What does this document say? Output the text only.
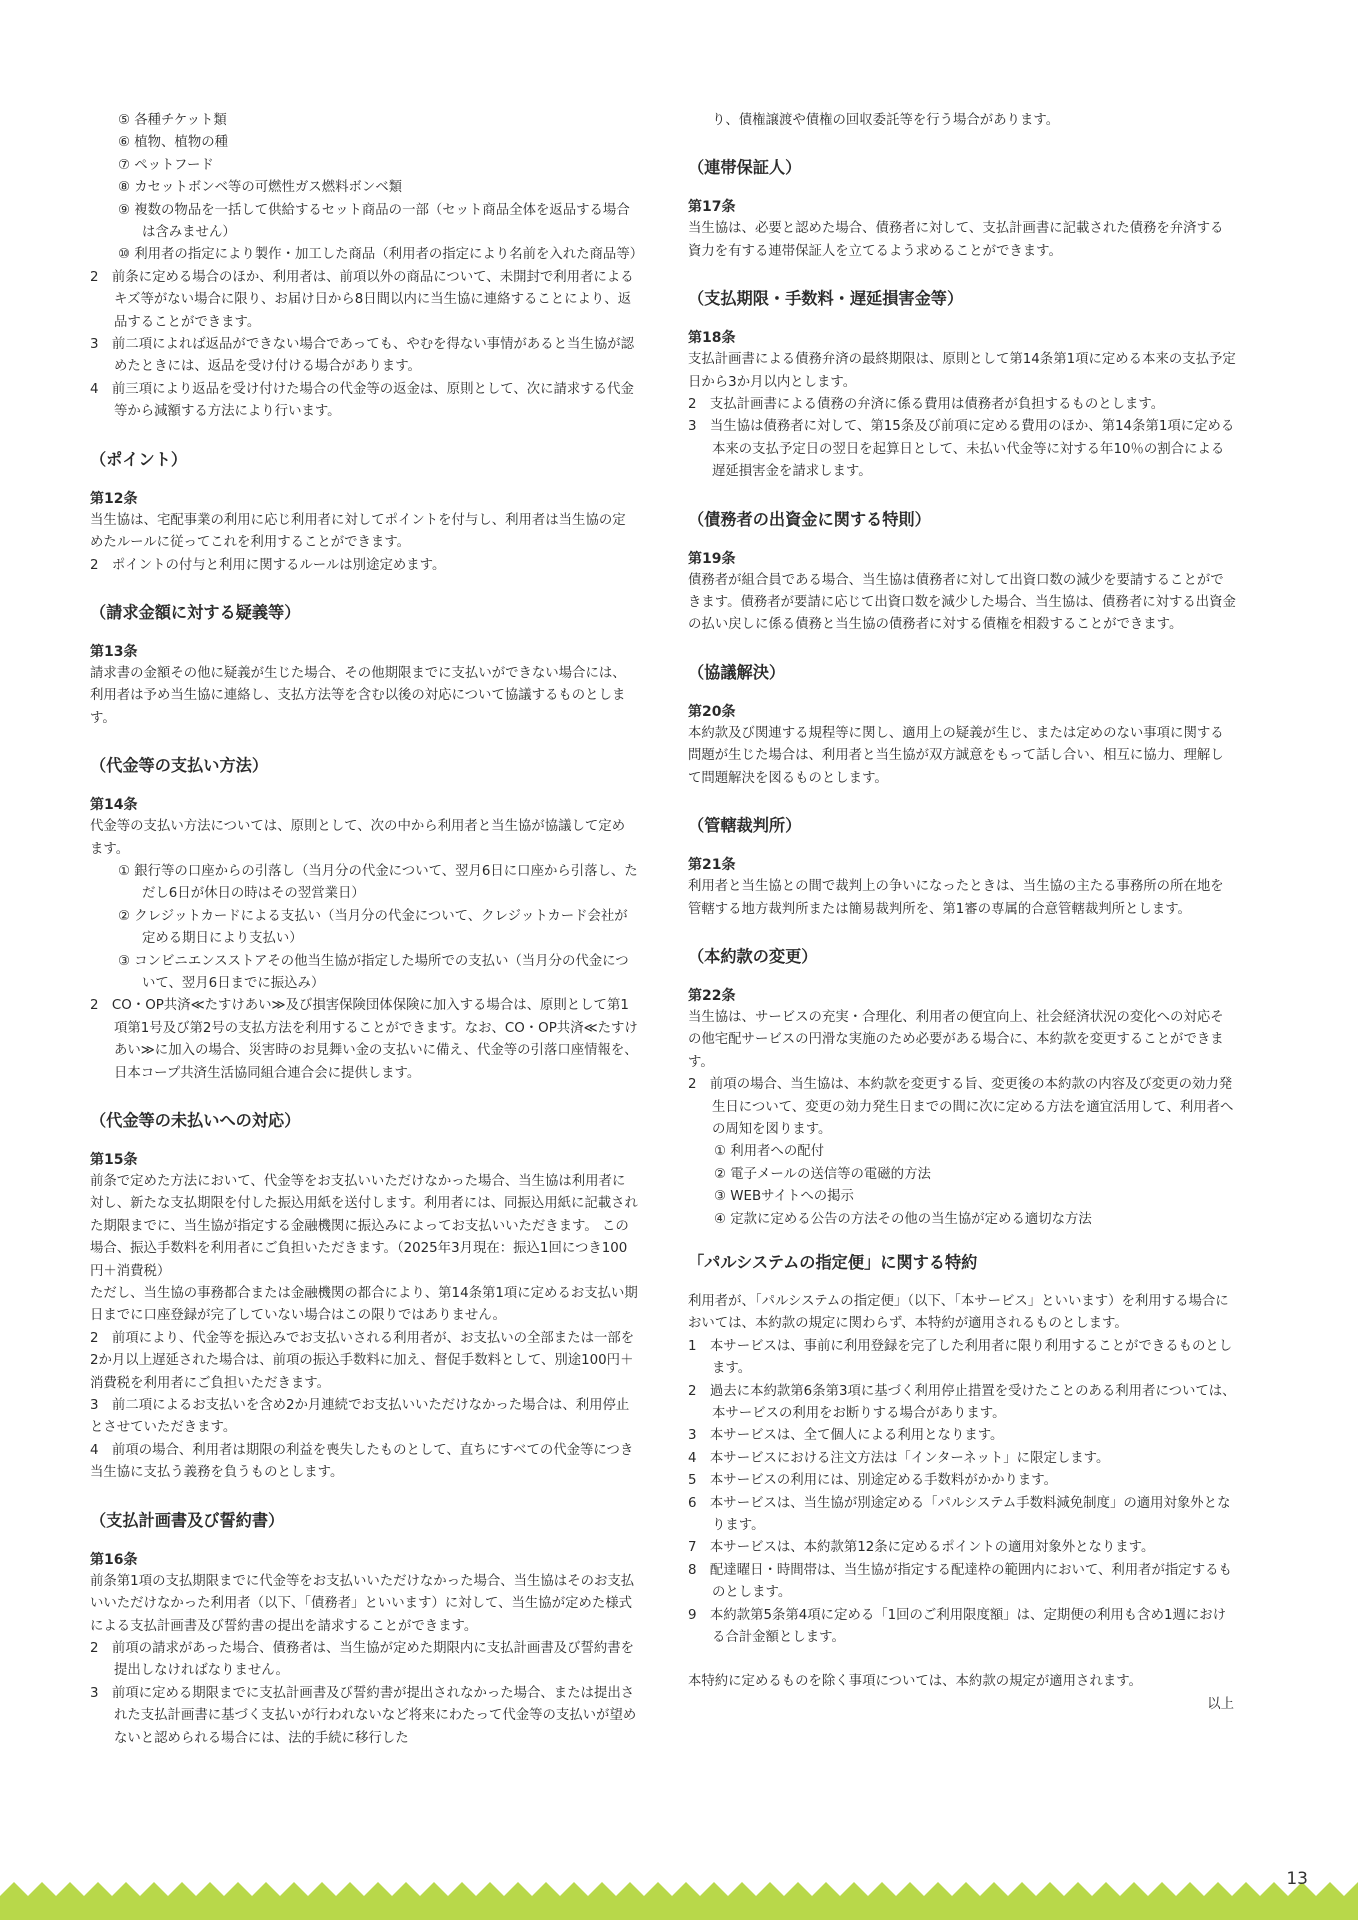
⑤ 各種チケット類
⑥ 植物、植物の種
⑦ ペットフード
⑧ カセットボンベ等の可燃性ガス燃料ボンベ類
⑨ 複数の物品を一括して供給するセット商品の一部（セット商品全体を返品する場合は含みません）
⑩ 利用者の指定により製作・加工した商品（利用者の指定により名前を入れた商品等）
2　前条に定める場合のほか、利用者は、前項以外の商品について、未開封で利用者によるキズ等がない場合に限り、お届け日から8日間以内に当生協に連絡することにより、返品することができます。
3　前二項によれば返品ができない場合であっても、やむを得ない事情があると当生協が認めたときには、返品を受け付ける場合があります。
4　前三項により返品を受け付けた場合の代金等の返金は、原則として、次に請求する代金等から減額する方法により行います。
（ポイント）
第12条
当生協は、宅配事業の利用に応じ利用者に対してポイントを付与し、利用者は当生協の定めたルールに従ってこれを利用することができます。
2　ポイントの付与と利用に関するルールは別途定めます。
（請求金額に対する疑義等）
第13条
請求書の金額その他に疑義が生じた場合、その他期限までに支払いができない場合には、利用者は予め当生協に連絡し、支払方法等を含む以後の対応について協議するものとします。
（代金等の支払い方法）
第14条
代金等の支払い方法については、原則として、次の中から利用者と当生協が協議して定めます。
① 銀行等の口座からの引落し（当月分の代金について、翌月6日に口座から引落し、ただし6日が休日の時はその翌営業日）
② クレジットカードによる支払い（当月分の代金について、クレジットカード会社が定める期日により支払い）
③ コンビニエンスストアその他当生協が指定した場所での支払い（当月分の代金について、翌月6日までに振込み）
2　CO・OP共済≪たすけあい≫及び損害保険団体保険に加入する場合は、原則として第1項第1号及び第2号の支払方法を利用することができます。なお、CO・OP共済≪たすけあい≫に加入の場合、災害時のお見舞い金の支払いに備え、代金等の引落口座情報を、日本コープ共済生活協同組合連合会に提供します。
（代金等の未払いへの対応）
第15条
前条で定めた方法において、代金等をお支払いいただけなかった場合、当生協は利用者に対し、新たな支払期限を付した振込用紙を送付します。利用者には、同振込用紙に記載された期限までに、当生協が指定する金融機関に振込みによってお支払いいただきます。 この場合、振込手数料を利用者にご負担いただきます。（2025年3月現在：振込1回につき100円＋消費税）
ただし、当生協の事務都合または金融機関の都合により、第14条第1項に定めるお支払い期日までに口座登録が完了していない場合はこの限りではありません。
2　前項により、代金等を振込みでお支払いされる利用者が、お支払いの全部または一部を2か月以上遅延された場合は、前項の振込手数料に加え、督促手数料として、別途100円＋消費税を利用者にご負担いただきます。
3　前二項によるお支払いを含め2か月連続でお支払いいただけなかった場合は、利用停止とさせていただきます。
4　前項の場合、利用者は期限の利益を喪失したものとして、直ちにすべての代金等につき当生協に支払う義務を負うものとします。
（支払計画書及び誓約書）
第16条
前条第1項の支払期限までに代金等をお支払いいただけなかった場合、当生協はそのお支払いいただけなかった利用者（以下、「債務者」といいます）に対して、当生協が定めた様式による支払計画書及び誓約書の提出を請求することができます。
2　前項の請求があった場合、債務者は、当生協が定めた期限内に支払計画書及び誓約書を提出しなければなりません。
3　前項に定める期限までに支払計画書及び誓約書が提出されなかった場合、または提出された支払計画書に基づく支払いが行われないなど将来にわたって代金等の支払いが望めないと認められる場合には、法的手続に移行した
り、債権譲渡や債権の回収委託等を行う場合があります。
（連帯保証人）
第17条
当生協は、必要と認めた場合、債務者に対して、支払計画書に記載された債務を弁済する資力を有する連帯保証人を立てるよう求めることができます。
（支払期限・手数料・遅延損害金等）
第18条
支払計画書による債務弁済の最終期限は、原則として第14条第1項に定める本来の支払予定日から3か月以内とします。
2　支払計画書による債務の弁済に係る費用は債務者が負担するものとします。
3　当生協は債務者に対して、第15条及び前項に定める費用のほか、第14条第1項に定める本来の支払予定日の翌日を起算日として、未払い代金等に対する年10％の割合による遅延損害金を請求します。
（債務者の出資金に関する特則）
第19条
債務者が組合員である場合、当生協は債務者に対して出資口数の減少を要請することができます。債務者が要請に応じて出資口数を減少した場合、当生協は、債務者に対する出資金の払い戻しに係る債務と当生協の債務者に対する債権を相殺することができます。
（協議解決）
第20条
本約款及び関連する規程等に関し、適用上の疑義が生じ、または定めのない事項に関する問題が生じた場合は、利用者と当生協が双方誠意をもって話し合い、相互に協力、理解して問題解決を図るものとします。
（管轄裁判所）
第21条
利用者と当生協との間で裁判上の争いになったときは、当生協の主たる事務所の所在地を管轄する地方裁判所または簡易裁判所を、第1審の専属的合意管轄裁判所とします。
（本約款の変更）
第22条
当生協は、サービスの充実・合理化、利用者の便宜向上、社会経済状況の変化への対応その他宅配サービスの円滑な実施のため必要がある場合に、本約款を変更することができます。
2　前項の場合、当生協は、本約款を変更する旨、変更後の本約款の内容及び変更の効力発生日について、変更の効力発生日までの間に次に定める方法を適宜活用して、利用者への周知を図ります。
① 利用者への配付
② 電子メールの送信等の電磁的方法
③ WEBサイトへの掲示
④ 定款に定める公告の方法その他の当生協が定める適切な方法
「パルシステムの指定便」に関する特約
利用者が、「パルシステムの指定便」（以下、「本サービス」といいます）を利用する場合においては、本約款の規定に関わらず、本特約が適用されるものとします。
1　本サービスは、事前に利用登録を完了した利用者に限り利用することができるものとします。
2　過去に本約款第6条第3項に基づく利用停止措置を受けたことのある利用者については、本サービスの利用をお断りする場合があります。
3　本サービスは、全て個人による利用となります。
4　本サービスにおける注文方法は「インターネット」に限定します。
5　本サービスの利用には、別途定める手数料がかかります。
6　本サービスは、当生協が別途定める「パルシステム手数料減免制度」の適用対象外となります。
7　本サービスは、本約款第12条に定めるポイントの適用対象外となります。
8　配達曜日・時間帯は、当生協が指定する配達枠の範囲内において、利用者が指定するものとします。
9　本約款第5条第4項に定める「1回のご利用限度額」は、定期便の利用も含め1週における合計金額とします。
本特約に定めるものを除く事項については、本約款の規定が適用されます。
以上
13
